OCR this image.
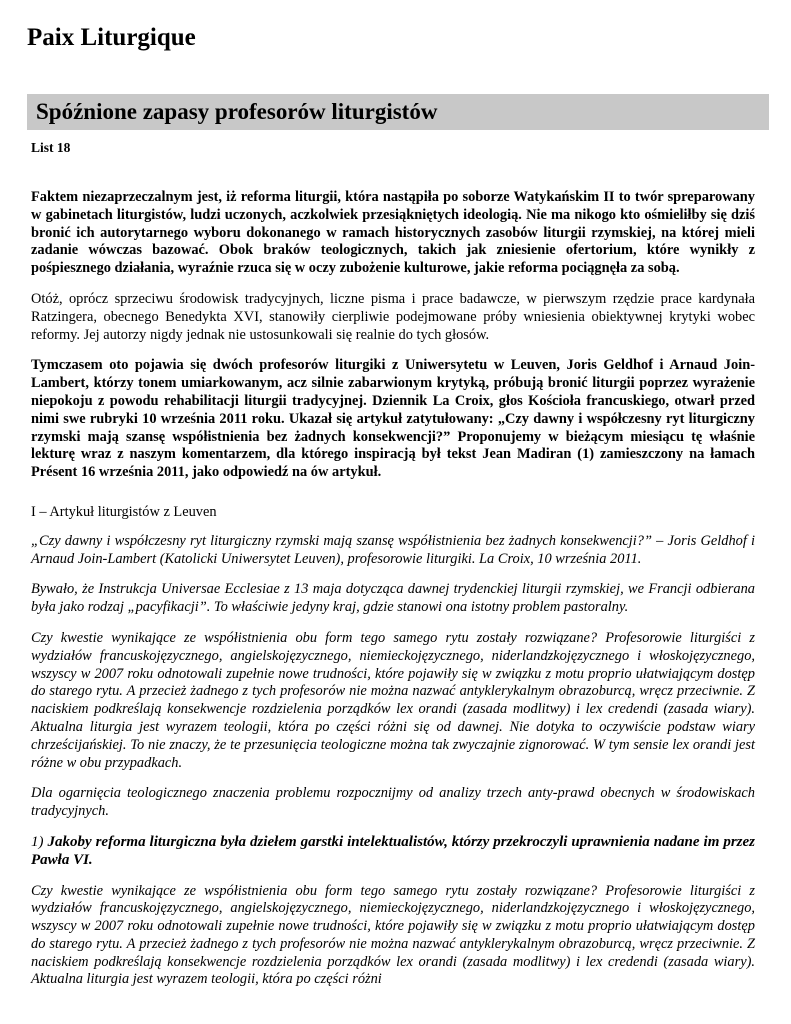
Paix Liturgique
Spóźnione zapasy profesorów liturgistów
List 18

Faktem niezaprzeczalnym jest, iż reforma liturgii, która nastąpiła po soborze Watykańskim II to twór spreparowany w gabinetach liturgistów, ludzi uczonych, aczkolwiek przesiąkniętych ideologią. Nie ma nikogo kto ośmieliłby się dziś bronić ich autorytarnego wyboru dokonanego w ramach historycznych zasobów liturgii rzymskiej, na której mieli zadanie wówczas bazować. Obok braków teologicznych, takich jak zniesienie ofertorium, które wynikły z pośpiesznego działania, wyraźnie rzuca się w oczy zubożenie kulturowe, jakie reforma pociągnęła za sobą.

Otóż, oprócz sprzeciwu środowisk tradycyjnych, liczne pisma i prace badawcze, w pierwszym rzędzie prace kardynała Ratzingera, obecnego Benedykta XVI, stanowiły cierpliwie podejmowane próby wniesienia obiektywnej krytyki wobec reformy. Jej autorzy nigdy jednak nie ustosunkowali się realnie do tych głosów.

Tymczasem oto pojawia się dwóch profesorów liturgiki z Uniwersytetu w Leuven, Joris Geldhof i Arnaud Join-Lambert, którzy tonem umiarkowanym, acz silnie zabarwionym krytyką, próbują bronić liturgii poprzez wyrażenie niepokoju z powodu rehabilitacji liturgii tradycyjnej. Dziennik La Croix, głos Kościoła francuskiego, otwarł przed nimi swe rubryki 10 września 2011 roku. Ukazał się artykuł zatytułowany: „Czy dawny i współczesny ryt liturgiczny rzymski mają szansę współistnienia bez żadnych konsekwencji?” Proponujemy w bieżącym miesiącu tę właśnie lekturę wraz z naszym komentarzem, dla którego inspiracją był tekst Jean Madiran (1) zamieszczony na łamach Présent 16 września 2011, jako odpowiedź na ów artykuł.

I – Artykuł liturgistów z Leuven

„Czy dawny i współczesny ryt liturgiczny rzymski mają szansę współistnienia bez żadnych konsekwencji?” – Joris Geldhof i Arnaud Join-Lambert (Katolicki Uniwersytet Leuven), profesorowie liturgiki. La Croix, 10 września 2011.

Bywało, że Instrukcja Universae Ecclesiae z 13 maja dotycząca dawnej trydenckiej liturgii rzymskiej, we Francji odbierana była jako rodzaj „pacyfikacji”. To właściwie jedyny kraj, gdzie stanowi ona istotny problem pastoralny.

Czy kwestie wynikające ze współistnienia obu form tego samego rytu zostały rozwiązane? Profesorowie liturgiści z wydziałów francuskojęzycznego, angielskojęzycznego, niemieckojęzycznego, niderlandzkojęzycznego i włoskojęzycznego, wszyscy w 2007 roku odnotowali zupełnie nowe trudności, które pojawiły się w związku z motu proprio ułatwiającym dostęp do starego rytu. A przecież żadnego z tych profesorów nie można nazwać antyklerykalnym obrazoburcą, wręcz przeciwnie. Z naciskiem podkreślają konsekwencje rozdzielenia porządków lex orandi (zasada modlitwy) i lex credendi (zasada wiary). Aktualna liturgia jest wyrazem teologii, która po części różni się od dawnej. Nie dotyka to oczywiście podstaw wiary chrześcijańskiej. To nie znaczy, że te przesunięcia teologiczne można tak zwyczajnie zignorować. W tym sensie lex orandi jest różne w obu przypadkach.

Dla ogarnięcia teologicznego znaczenia problemu rozpocznijmy od analizy trzech anty-prawd obecnych w środowiskach tradycyjnych.

1) Jakoby reforma liturgiczna była dziełem garstki intelektualistów, którzy przekroczyli uprawnienia nadane im przez Pawła VI.

Czy kwestie wynikające ze współistnienia obu form tego samego rytu zostały rozwiązane? Profesorowie liturgiści z wydziałów francuskojęzycznego, angielskojęzycznego, niemieckojęzycznego, niderlandzkojęzycznego i włoskojęzycznego, wszyscy w 2007 roku odnotowali zupełnie nowe trudności, które pojawiły się w związku z motu proprio ułatwiającym dostęp do starego rytu. A przecież żadnego z tych profesorów nie można nazwać antyklerykalnym obrazoburcą, wręcz przeciwnie. Z naciskiem podkreślają konsekwencje rozdzielenia porządków lex orandi (zasada modlitwy) i lex credendi (zasada wiary). Aktualna liturgia jest wyrazem teologii, która po części różni
